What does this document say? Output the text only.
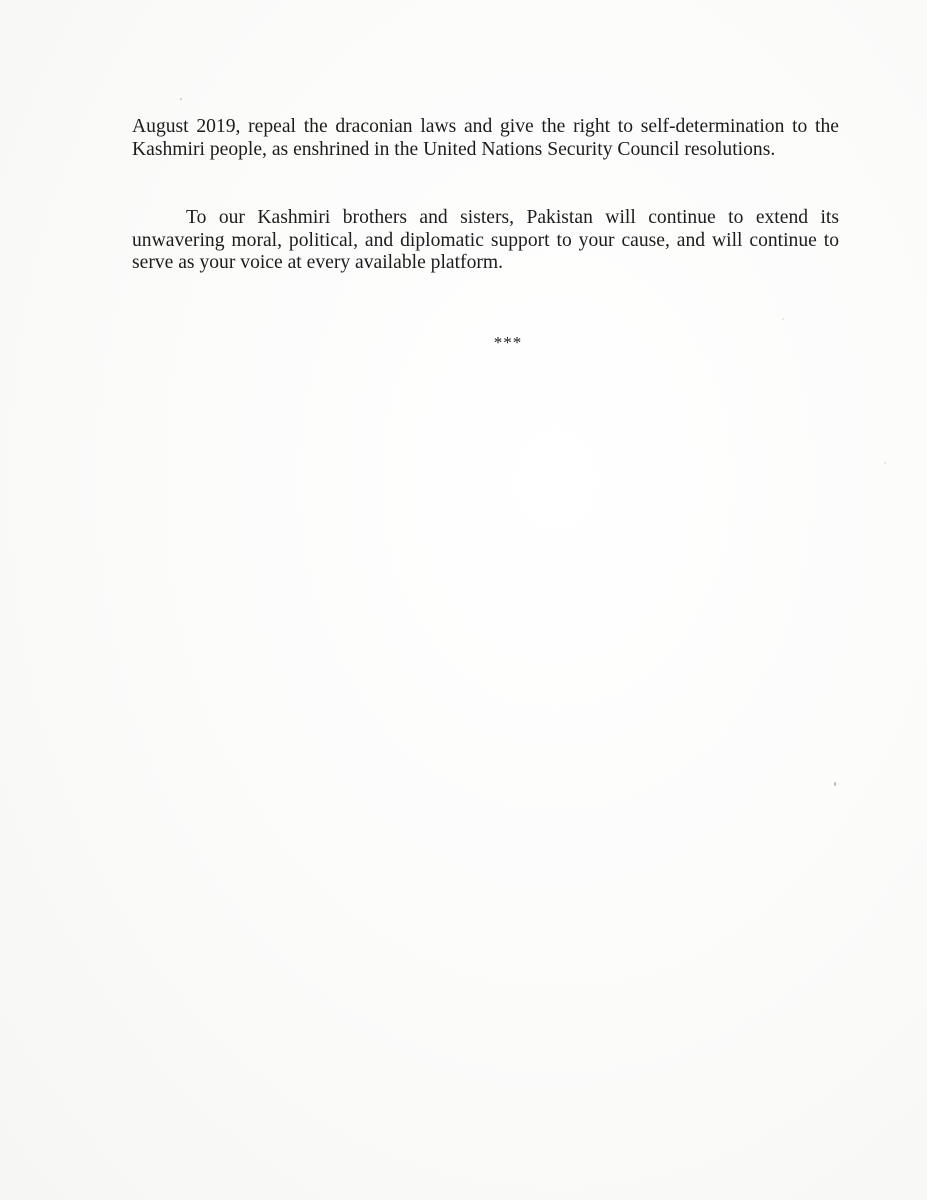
August 2019, repeal the draconian laws and give the right to self-determination to the Kashmiri people, as enshrined in the United Nations Security Council resolutions.

To our Kashmiri brothers and sisters, Pakistan will continue to extend its unwavering moral, political, and diplomatic support to your cause, and will continue to serve as your voice at every available platform.

***
